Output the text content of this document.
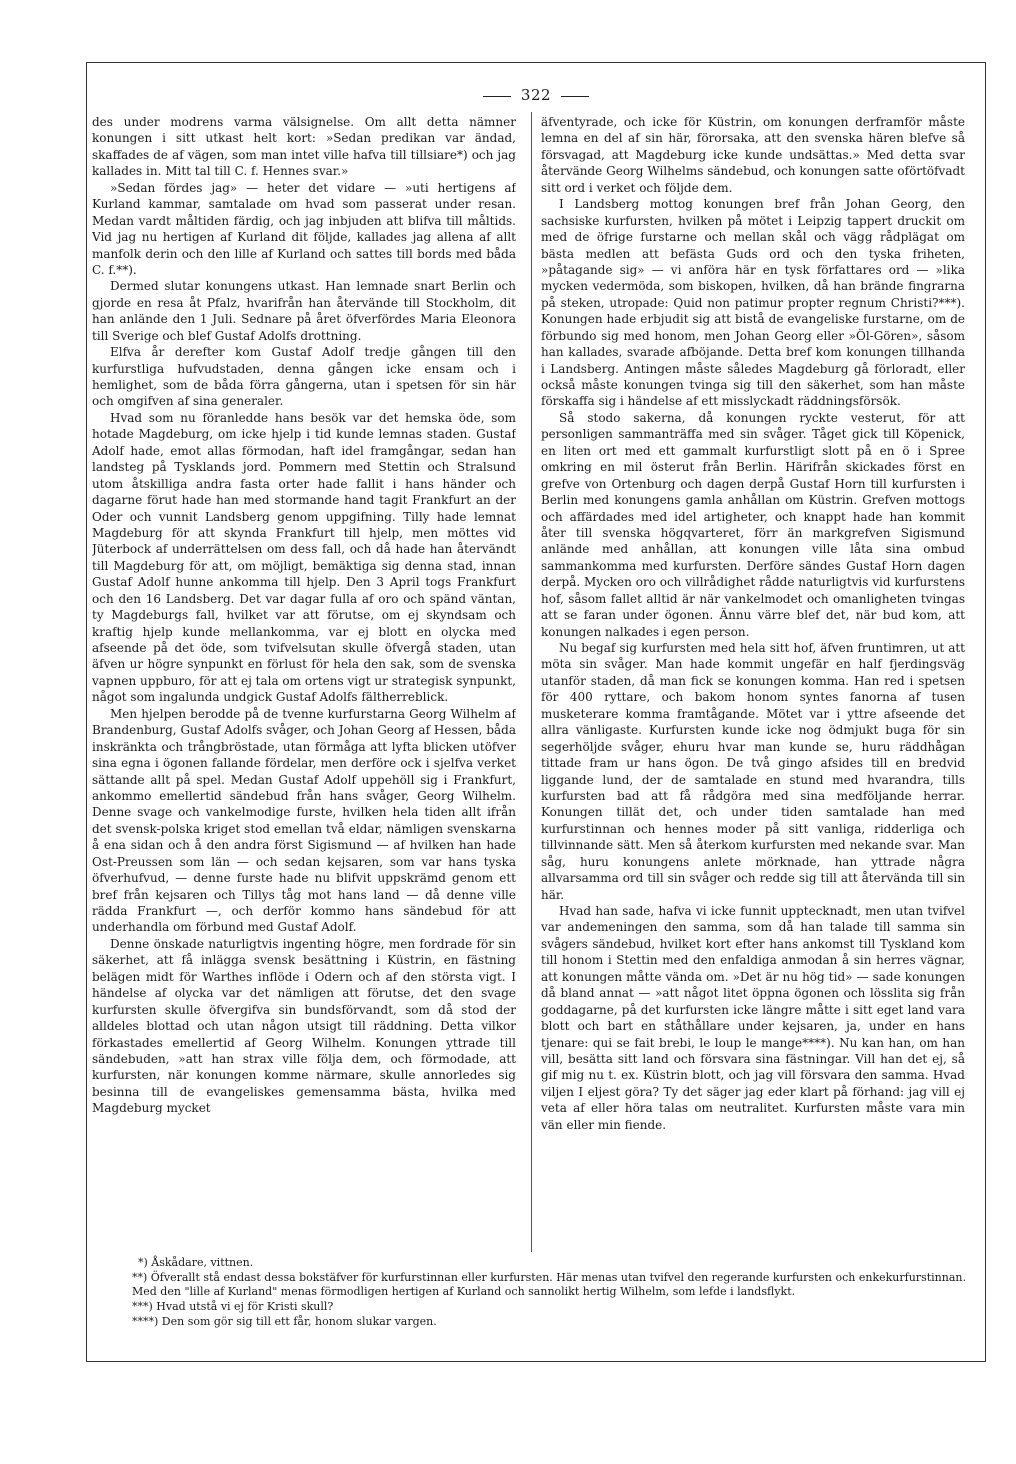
322

des under modrens varma välsignelse. Om allt detta nämner konungen i sitt utkast helt kort: »Sedan predikan var ändad, skaffades de af vägen, som man intet ville hafva till tillsiare*) och jag kallades in. Mitt tal till C. f. Hennes svar.»

»Sedan fördes jag» — heter det vidare — »uti hertigens af Kurland kammar, samtalade om hvad som passerat under resan. Medan vardt måltiden färdig, och jag inbjuden att blifva till måltids. Vid jag nu hertigen af Kurland dit följde, kallades jag allena af allt manfolk derin och den lille af Kurland och sattes till bords med båda C. f.**).

Dermed slutar konungens utkast. Han lemnade snart Berlin och gjorde en resa åt Pfalz, hvarifrån han återvände till Stockholm, dit han anlände den 1 Juli. Sednare på året öfverfördes Maria Eleonora till Sverige och blef Gustaf Adolfs drottning.

Elfva år derefter kom Gustaf Adolf tredje gången till den kurfurstliga hufvudstaden, denna gången icke ensam och i hemlighet, som de båda förra gångerna, utan i spetsen för sin här och omgifven af sina generaler.

Hvad som nu föranledde hans besök var det hemska öde, som hotade Magdeburg, om icke hjelp i tid kunde lemnas staden. Gustaf Adolf hade, emot allas förmodan, haft idel framgångar, sedan han landsteg på Tysklands jord. Pommern med Stettin och Stralsund utom åtskilliga andra fasta orter hade fallit i hans händer och dagarne förut hade han med stormande hand tagit Frankfurt an der Oder och vunnit Landsberg genom uppgifning. Tilly hade lemnat Magdeburg för att skynda Frankfurt till hjelp, men möttes vid Jüterbock af underrättelsen om dess fall, och då hade han återvändt till Magdeburg för att, om möjligt, bemäktiga sig denna stad, innan Gustaf Adolf hunne ankomma till hjelp. Den 3 April togs Frankfurt och den 16 Landsberg. Det var dagar fulla af oro och spänd väntan, ty Magdeburgs fall, hvilket var att förutse, om ej skyndsam och kraftig hjelp kunde mellankomma, var ej blott en olycka med afseende på det öde, som tvifvelsutan skulle öfvergå staden, utan äfven ur högre synpunkt en förlust för hela den sak, som de svenska vapnen uppburo, för att ej tala om ortens vigt ur strategisk synpunkt, något som ingalunda undgick Gustaf Adolfs fältherreblick.

Men hjelpen berodde på de tvenne kurfurstarna Georg Wilhelm af Brandenburg, Gustaf Adolfs svåger, och Johan Georg af Hessen, båda inskränkta och trångbröstade, utan förmåga att lyfta blicken utöfver sina egna i ögonen fallande fördelar, men derföre ock i sjelfva verket sättande allt på spel. Medan Gustaf Adolf uppehöll sig i Frankfurt, ankommo emellertid sändebud från hans svåger, Georg Wilhelm. Denne svage och vankelmodige furste, hvilken hela tiden allt ifrån det svensk-polska kriget stod emellan två eldar, nämligen svenskarna å ena sidan och å den andra först Sigismund — af hvilken han hade Ost-Preussen som län — och sedan kejsaren, som var hans tyska öfverhufvud, — denne furste hade nu blifvit uppskrämd genom ett bref från kejsaren och Tillys tåg mot hans land — då denne ville rädda Frankfurt —, och derför kommo hans sändebud för att underhandla om förbund med Gustaf Adolf.

Denne önskade naturligtvis ingenting högre, men fordrade för sin säkerhet, att få inlägga svensk besättning i Küstrin, en fästning belägen midt för Warthes inflöde i Odern och af den största vigt. I händelse af olycka var det nämligen att förutse, det den svage kurfursten skulle öfvergifva sin bundsförvandt, som då stod der alldeles blottad och utan någon utsigt till räddning. Detta vilkor förkastades emellertid af Georg Wilhelm. Konungen yttrade till sändebuden, »att han strax ville följa dem, och förmodade, att kurfursten, när konungen komme närmare, skulle annorledes sig besinna till de evangeliskes gemensamma bästa, hvilka med Magdeburg mycket

äfventyrade, och icke för Küstrin, om konungen derframför måste lemna en del af sin här, förorsaka, att den svenska hären blefve så försvagad, att Magdeburg icke kunde undsättas.» Med detta svar återvände Georg Wilhelms sändebud, och konungen satte oförtöfvadt sitt ord i verket och följde dem.

I Landsberg mottog konungen bref från Johan Georg, den sachsiske kurfursten, hvilken på mötet i Leipzig tappert druckit om med de öfrige furstarne och mellan skål och vägg rådplägat om bästa medlen att befästa Guds ord och den tyska friheten, »påtagande sig» — vi anföra här en tysk författares ord — »lika mycken vedermöda, som biskopen, hvilken, då han brände fingrarna på steken, utropade: Quid non patimur propter regnum Christi?***). Konungen hade erbjudit sig att bistå de evangeliske furstarne, om de förbundo sig med honom, men Johan Georg eller »Öl-Gören», såsom han kallades, svarade afböjande. Detta bref kom konungen tillhanda i Landsberg. Antingen måste således Magdeburg gå förloradt, eller också måste konungen tvinga sig till den säkerhet, som han måste förskaffa sig i händelse af ett misslyckadt räddningsförsök.

Så stodo sakerna, då konungen ryckte vesterut, för att personligen sammanträffa med sin svåger. Tåget gick till Köpenick, en liten ort med ett gammalt kurfurstligt slott på en ö i Spree omkring en mil österut från Berlin. Härifrån skickades först en grefve von Ortenburg och dagen derpå Gustaf Horn till kurfursten i Berlin med konungens gamla anhållan om Küstrin. Grefven mottogs och affärdades med idel artigheter, och knappt hade han kommit åter till svenska högqvarteret, förr än markgrefven Sigismund anlände med anhållan, att konungen ville låta sina ombud sammankomma med kurfursten. Derföre sändes Gustaf Horn dagen derpå. Mycken oro och villrådighet rådde naturligtvis vid kurfurstens hof, såsom fallet alltid är när vankelmodet och omanligheten tvingas att se faran under ögonen. Ännu värre blef det, när bud kom, att konungen nalkades i egen person.

Nu begaf sig kurfursten med hela sitt hof, äfven fruntimren, ut att möta sin svåger. Man hade kommit ungefär en half fjerdingsväg utanför staden, då man fick se konungen komma. Han red i spetsen för 400 ryttare, och bakom honom syntes fanorna af tusen musketerare komma framtågande. Mötet var i yttre afseende det allra vänligaste. Kurfursten kunde icke nog ödmjukt buga för sin segerhöljde svåger, ehuru hvar man kunde se, huru räddhågan tittade fram ur hans ögon. De två gingo afsides till en bredvid liggande lund, der de samtalade en stund med hvarandra, tills kurfursten bad att få rådgöra med sina medföljande herrar. Konungen tillät det, och under tiden samtalade han med kurfurstinnan och hennes moder på sitt vanliga, ridderliga och tillvinnande sätt. Men så återkom kurfursten med nekande svar. Man såg, huru konungens anlete mörknade, han yttrade några allvarsamma ord till sin svåger och redde sig till att återvända till sin här.

Hvad han sade, hafva vi icke funnit upptecknadt, men utan tvifvel var andemeningen den samma, som då han talade till samma sin svågers sändebud, hvilket kort efter hans ankomst till Tyskland kom till honom i Stettin med den enfaldiga anmodan å sin herres vägnar, att konungen måtte vända om. »Det är nu hög tid» — sade konungen då bland annat — »att något litet öppna ögonen och lösslita sig från goddagarne, på det kurfursten icke längre måtte i sitt eget land vara blott och bart en ståthållare under kejsaren, ja, under en hans tjenare: qui se fait brebi, le loup le mange****). Nu kan han, om han vill, besätta sitt land och försvara sina fästningar. Vill han det ej, så gif mig nu t. ex. Küstrin blott, och jag vill försvara den samma. Hvad viljen I eljest göra? Ty det säger jag eder klart på förhand: jag vill ej veta af eller höra talas om neutralitet. Kurfursten måste vara min vän eller min fiende.

*) Åskådare, vittnen.

**) Öfverallt stå endast dessa bokstäfver för kurfurstinnan eller kurfursten. Här menas utan tvifvel den regerande kurfursten och enkekurfurstinnan. Med den "lille af Kurland" menas förmodligen hertigen af Kurland och sannolikt hertig Wilhelm, som lefde i landsflykt.

***) Hvad utstå vi ej för Kristi skull?

****) Den som gör sig till ett får, honom slukar vargen.
